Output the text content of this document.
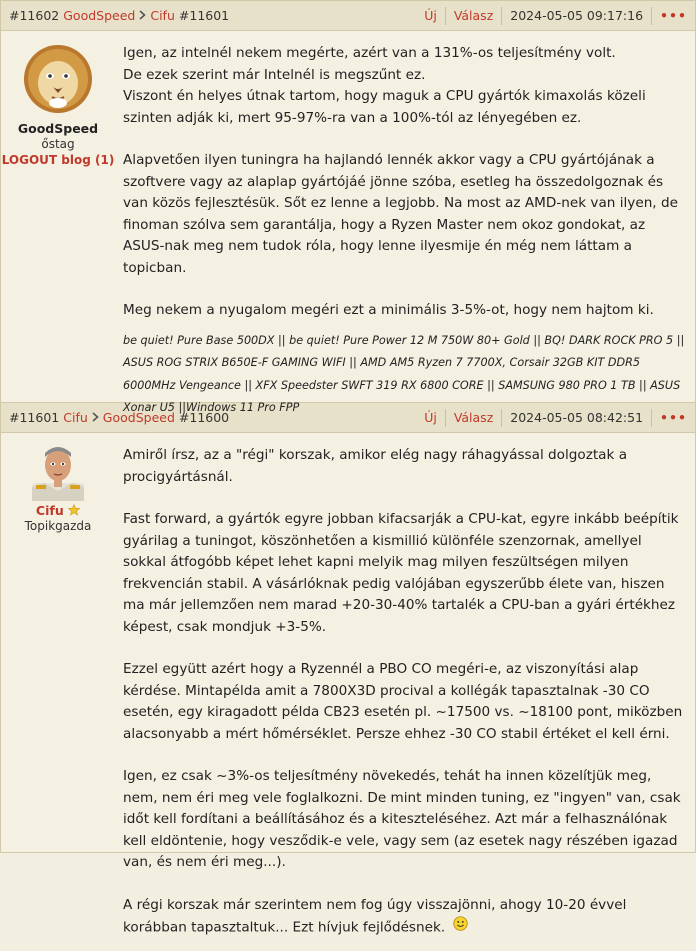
#11602 GoodSpeed Cifu #11601	Új	Válasz	2024-05-05 09:17:16	•••
GoodSpeed
őstag
LOGOUT blog (1)

Igen, az intelnél nekem megérte, azért van a 131%-os teljesítmény volt.
De ezek szerint már Intelnél is megszűnt ez.
Viszont én helyes útnak tartom, hogy maguk a CPU gyártók kimaxolás közeli szinten adják ki, mert 95-97%-ra van a 100%-tól az lényegében ez.

Alapvetően ilyen tuningra ha hajlandó lennék akkor vagy a CPU gyártójának a szoftvere vagy az alaplap gyártójáé jönne szóba, esetleg ha összedolgoznak és van közös fejlesztésük. Sőt ez lenne a legjobb. Na most az AMD-nek van ilyen, de finoman szólva sem garantálja, hogy a Ryzen Master nem okoz gondokat, az ASUS-nak meg nem tudok róla, hogy lenne ilyesmije én még nem láttam a topicban.

Meg nekem a nyugalom megéri ezt a minimális 3-5%-ot, hogy nem hajtom ki.

be quiet! Pure Base 500DX || be quiet! Pure Power 12 M 750W 80+ Gold || BQ! DARK ROCK PRO 5 || ASUS ROG STRIX B650E-F GAMING WIFI || AMD AM5 Ryzen 7 7700X, Corsair 32GB KIT DDR5 6000MHz Vengeance || XFX Speedster SWFT 319 RX 6800 CORE || SAMSUNG 980 PRO 1 TB || ASUS Xonar U5 ||Windows 11 Pro FPP
#11601 Cifu GoodSpeed #11600	Új	Válasz	2024-05-05 08:42:51	•••
Cifu
Topikgazda

Amiről írsz, az a "régi" korszak, amikor elég nagy ráhagyással dolgoztak a procigyártásnál.

Fast forward, a gyártók egyre jobban kifacsarják a CPU-kat, egyre inkább beépítik gyárilag a tuningot, köszönhetően a kismillió különféle szenzornak, amellyel sokkal átfogóbb képet lehet kapni melyik mag milyen feszültségen milyen frekvencián stabil. A vásárlóknak pedig valójában egyszerűbb élete van, hiszen ma már jellemzően nem marad +20-30-40% tartalék a CPU-ban a gyári értékhez képest, csak mondjuk +3-5%.

Ezzel együtt azért hogy a Ryzennél a PBO CO megéri-e, az viszonyítási alap kérdése. Mintapélda amit a 7800X3D procival a kollégák tapasztalnak -30 CO esetén, egy kiragadott példa CB23 esetén pl. ~17500 vs. ~18100 pont, miközben alacsonyabb a mért hőmérséklet. Persze ehhez -30 CO stabil értéket el kell érni.

Igen, ez csak ~3%-os teljesítmény növekedés, tehát ha innen közelítjük meg, nem, nem éri meg vele foglalkozni. De mint minden tuning, ez "ingyen" van, csak időt kell fordítani a beállításához és a kiteszteléséhez. Azt már a felhasználónak kell eldöntenie, hogy vesződik-e vele, vagy sem (az esetek nagy részében igazad van, és nem éri meg...).

A régi korszak már szerintem nem fog úgy visszajönni, ahogy 10-20 évvel korábban tapasztaltuk... Ezt hívjuk fejlődésnek.
